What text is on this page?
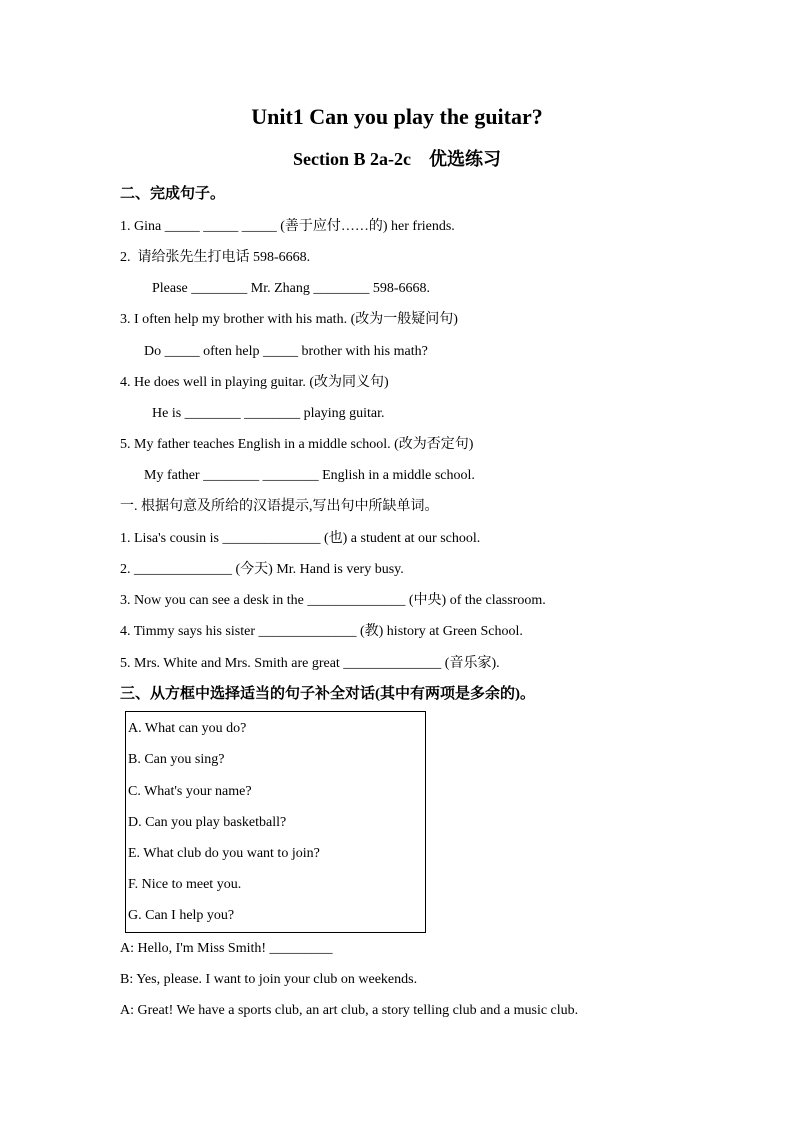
Unit1 Can you play the guitar?
Section B 2a-2c　优选练习
二、完成句子。
1. Gina _____ _____ _____ (善于应付……的) her friends.
2.  请给张先生打电话 598-6668.
Please ________ Mr. Zhang ________ 598-6668.
3. I often help my brother with his math. (改为一般疑问句)
Do _____ often help _____ brother with his math?
4. He does well in playing guitar. (改为同义句)
He is ________ ________ playing guitar.
5. My father teaches English in a middle school. (改为否定句)
My father ________ ________ English in a middle school.
一. 根据句意及所给的汉语提示,写出句中所缺单词。
1. Lisa's cousin is ______________ (也) a student at our school.
2. ______________ (今天) Mr. Hand is very busy.
3. Now you can see a desk in the ______________ (中央) of the classroom.
4. Timmy says his sister ______________ (教) history at Green School.
5. Mrs. White and Mrs. Smith are great ______________ (音乐家).
三、从方框中选择适当的句子补全对话(其中有两项是多余的)。
A. What can you do?
B. Can you sing?
C. What's your name?
D. Can you play basketball?
E. What club do you want to join?
F. Nice to meet you.
G. Can I help you?
A: Hello, I'm Miss Smith! _________
B: Yes, please. I want to join your club on weekends.
A: Great! We have a sports club, an art club, a story telling club and a music club.
